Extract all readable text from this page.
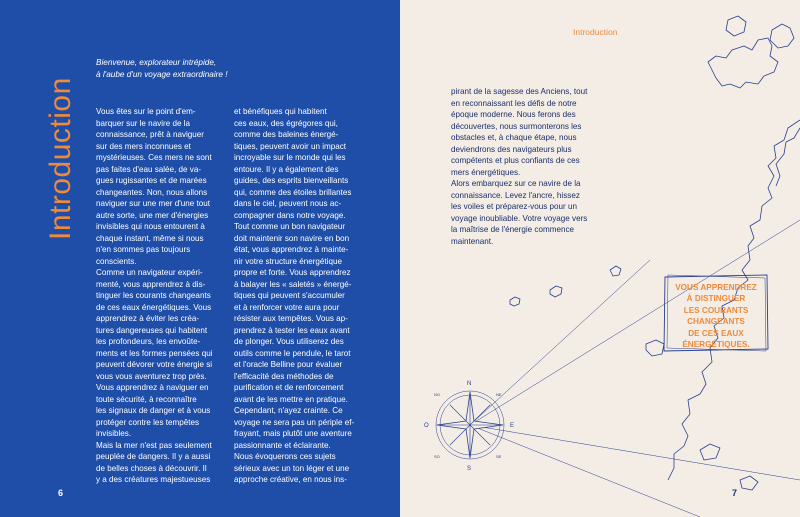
Introduction
Bienvenue, explorateur intrépide,
à l'aube d'un voyage extraordinaire !

Vous êtes sur le point d'em-

barquer sur le navire de la

connaissance, prêt à naviguer

sur des mers inconnues et

mystérieuses. Ces mers ne sont

pas faites d'eau salée, de va-

gues rugissantes et de marées

changeantes. Non, nous allons

naviguer sur une mer d'une tout

autre sorte, une mer d'énergies

invisibles qui nous entourent à

chaque instant, même si nous

n'en sommes pas toujours

conscients.

Comme un navigateur expéri-

menté, vous apprendrez à dis-

tinguer les courants changeants

de ces eaux énergétiques. Vous

apprendrez à éviter les créa-

tures dangereuses qui habitent

les profondeurs, les envoûte-

ments et les formes pensées qui

peuvent dévorer votre énergie si

vous vous aventurez trop près.

Vous apprendrez à naviguer en

toute sécurité, à reconnaître

les signaux de danger et à vous

protéger contre les tempêtes

invisibles.

Mais la mer n'est pas seulement

peuplée de dangers. Il y a aussi

de belles choses à découvrir. Il

y a des créatures majestueuses

et bénéfiques qui habitent

ces eaux, des égrégores qui,

comme des baleines énergé-

tiques, peuvent avoir un impact

incroyable sur le monde qui les

entoure. Il y a également des

guides, des esprits bienveillants

qui, comme des étoiles brillantes

dans le ciel, peuvent nous ac-

compagner dans notre voyage.

Tout comme un bon navigateur

doit maintenir son navire en bon

état, vous apprendrez à mainte-

nir votre structure énergétique

propre et forte. Vous apprendrez

à balayer les « saletés » énergé-

tiques qui peuvent s'accumuler

et à renforcer votre aura pour

résister aux tempêtes. Vous ap-

prendrez à tester les eaux avant

de plonger. Vous utiliserez des

outils comme le pendule, le tarot

et l'oracle Belline pour évaluer

l'efficacité des méthodes de

purification et de renforcement

avant de les mettre en pratique.

Cependant, n'ayez crainte. Ce

voyage ne sera pas un périple ef-

frayant, mais plutôt une aventure

passionnante et éclairante.

Nous évoquerons ces sujets

sérieux avec un ton léger et une

approche créative, en nous ins-

6
N
E
S
O
NO	NE
SO	SE
Introduction
7

pirant de la sagesse des Anciens, tout

en reconnaissant les défis de notre

époque moderne. Nous ferons des

découvertes, nous surmonterons les

obstacles et, à chaque étape, nous

deviendrons des navigateurs plus

compétents et plus confiants de ces

mers énergétiques.

Alors embarquez sur ce navire de la

connaissance. Levez l'ancre, hissez

les voiles et préparez-vous pour un

voyage inoubliable. Votre voyage vers

la maîtrise de l'énergie commence

maintenant.

VOUS APPRENDREZ
À DISTINGUER
LES COURANTS
CHANGEANTS
DE CES EAUX
ÉNERGÉTIQUES.
